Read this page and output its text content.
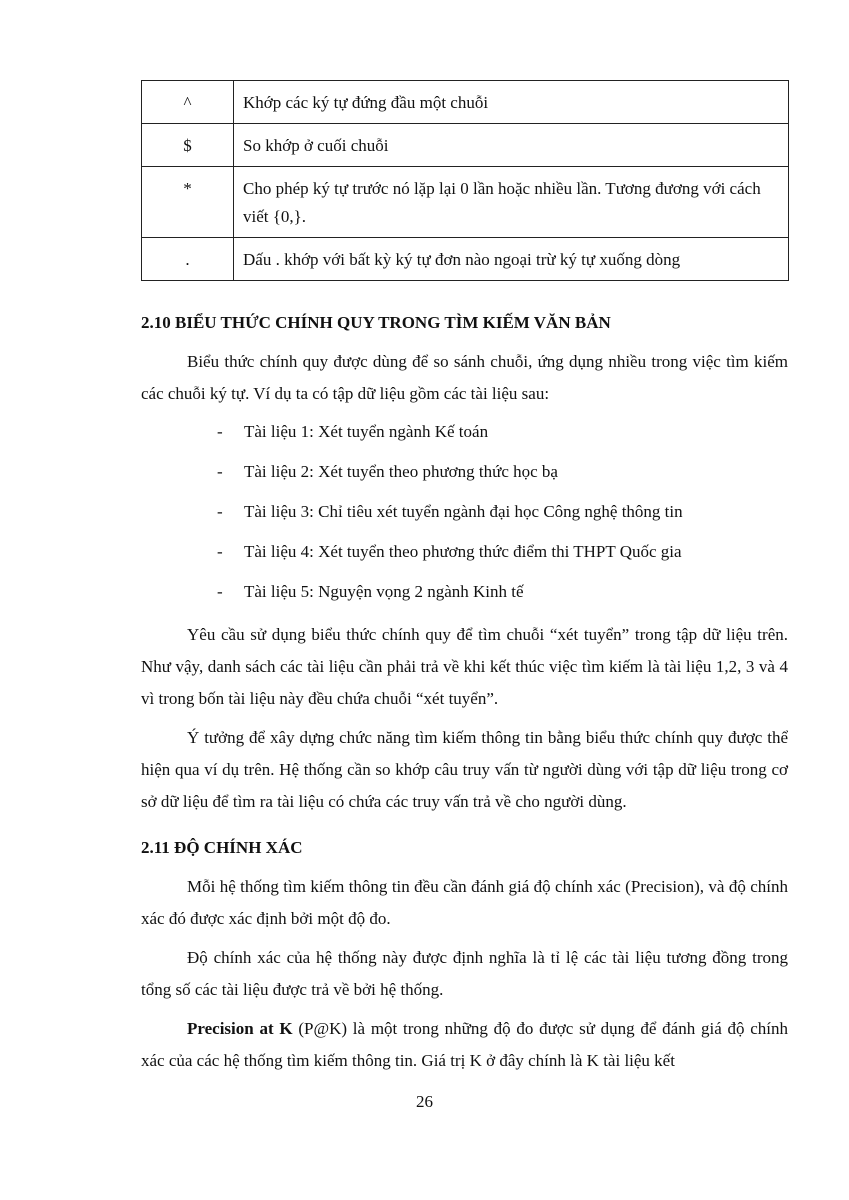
^	Khớp các ký tự đứng đầu một chuỗi
$	So khớp ở cuối chuỗi
*	Cho phép ký tự trước nó lặp lại 0 lần hoặc nhiều lần. Tương đương với cách viết {0,}.
.	Dấu . khớp với bất kỳ ký tự đơn nào ngoại trừ ký tự xuống dòng
2.10 BIỂU THỨC CHÍNH QUY TRONG TÌM KIẾM VĂN BẢN

Biểu thức chính quy được dùng để so sánh chuỗi, ứng dụng nhiều trong việc tìm kiếm các chuỗi ký tự. Ví dụ ta có tập dữ liệu gồm các tài liệu sau:

- Tài liệu 1: Xét tuyển ngành Kế toán
- Tài liệu 2: Xét tuyển theo phương thức học bạ
- Tài liệu 3: Chỉ tiêu xét tuyển ngành đại học Công nghệ thông tin
- Tài liệu 4: Xét tuyển theo phương thức điểm thi THPT Quốc gia
- Tài liệu 5: Nguyện vọng 2 ngành Kinh tế

Yêu cầu sử dụng biểu thức chính quy để tìm chuỗi “xét tuyển” trong tập dữ liệu trên. Như vậy, danh sách các tài liệu cần phải trả về khi kết thúc việc tìm kiếm là tài liệu 1,2, 3 và 4 vì trong bốn tài liệu này đều chứa chuỗi “xét tuyển”.

Ý tưởng để xây dựng chức năng tìm kiếm thông tin bằng biểu thức chính quy được thể hiện qua ví dụ trên. Hệ thống cần so khớp câu truy vấn từ người dùng với tập dữ liệu trong cơ sở dữ liệu để tìm ra tài liệu có chứa các truy vấn trả về cho người dùng.

2.11 ĐỘ CHÍNH XÁC

Mỗi hệ thống tìm kiếm thông tin đều cần đánh giá độ chính xác (Precision), và độ chính xác đó được xác định bởi một độ đo.

Độ chính xác của hệ thống này được định nghĩa là tỉ lệ các tài liệu tương đồng trong tổng số các tài liệu được trả về bởi hệ thống.

Precision at K (P@K) là một trong những độ đo được sử dụng để đánh giá độ chính xác của các hệ thống tìm kiếm thông tin. Giá trị K ở đây chính là K tài liệu kết

26
